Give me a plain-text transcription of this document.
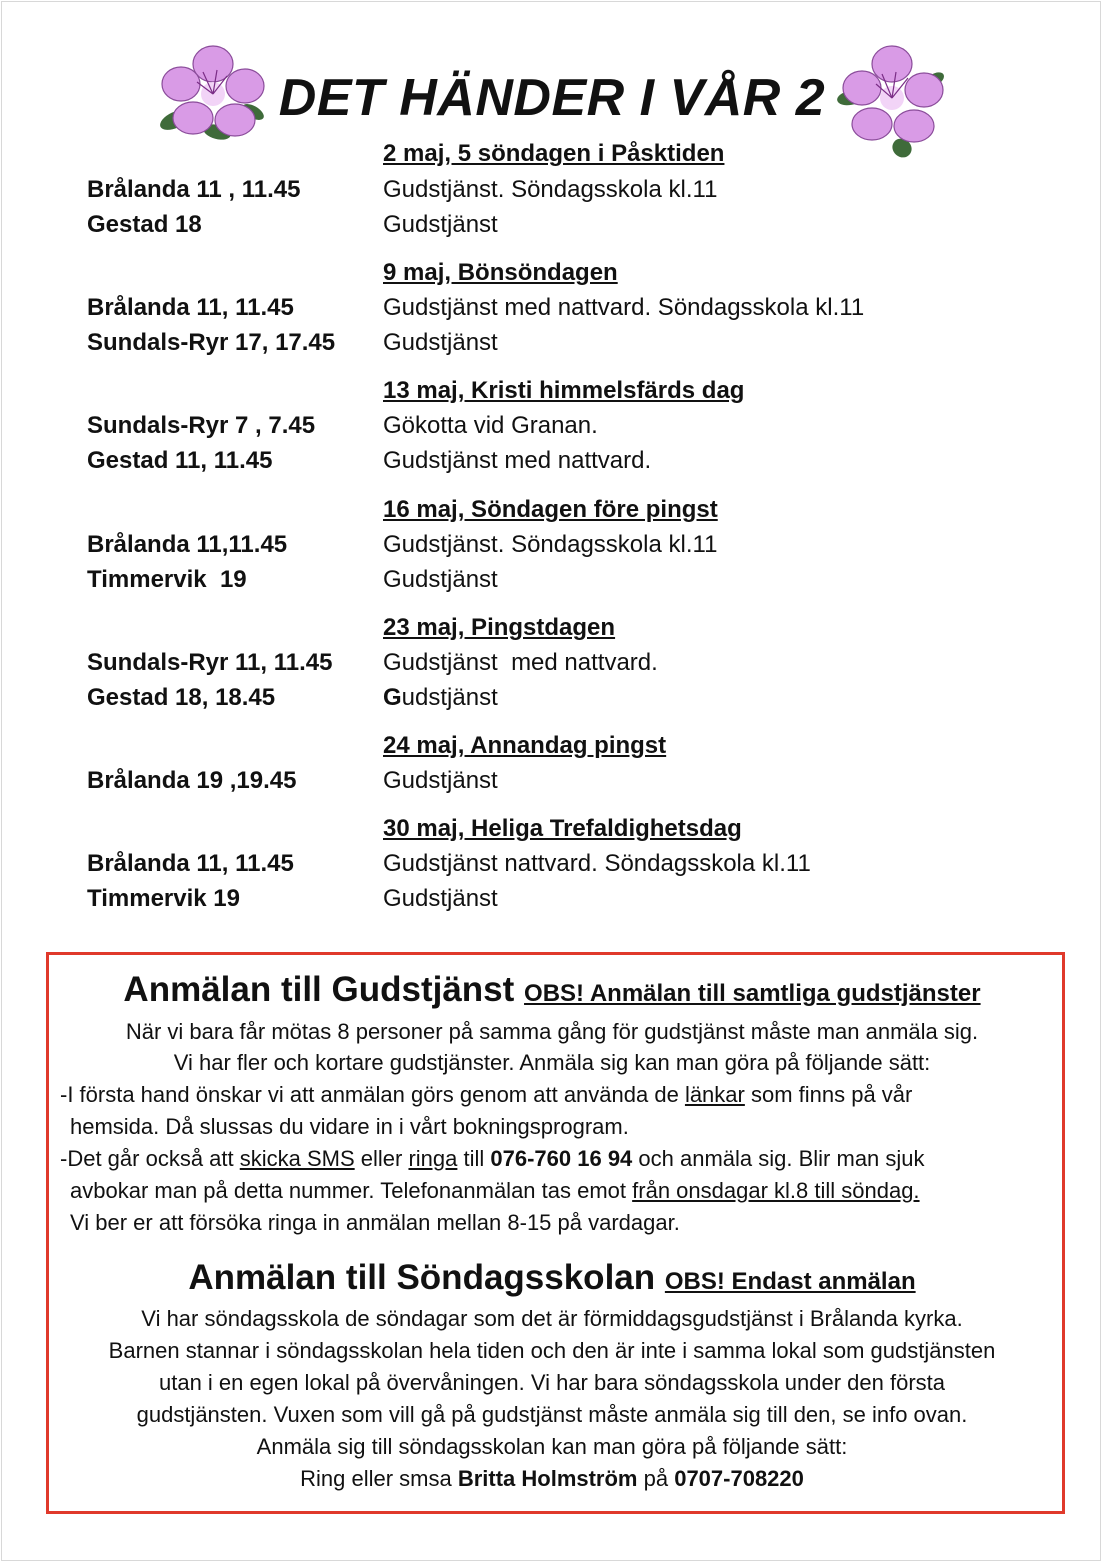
DET HÄNDER I VÅR 2
2 maj, 5 söndagen i Påsktiden
Brålanda 11 , 11.45	Gudstjänst. Söndagsskola kl.11
Gestad 18	Gudstjänst
9 maj, Bönsöndagen
Brålanda 11, 11.45	Gudstjänst med nattvard. Söndagsskola kl.11
Sundals-Ryr 17, 17.45 Gudstjänst
13 maj, Kristi himmelsfärds dag
Sundals-Ryr 7 , 7.45	Gökotta vid Granan.
Gestad 11, 11.45	Gudstjänst med nattvard.
16 maj, Söndagen före pingst
Brålanda 11,11.45	Gudstjänst. Söndagsskola kl.11
Timmervik  19	Gudstjänst
23 maj, Pingstdagen
Sundals-Ryr 11, 11.45 Gudstjänst  med nattvard.
Gestad 18, 18.45	Gudstjänst
24 maj, Annandag pingst
Brålanda 19 ,19.45	Gudstjänst
30 maj, Heliga Trefaldighetsdag
Brålanda 11, 11.45	Gudstjänst nattvard. Söndagsskola kl.11
Timmervik 19	Gudstjänst
Anmälan till Gudstjänst OBS! Anmälan till samtliga gudstjänster
När vi bara får mötas 8 personer på samma gång för gudstjänst måste man anmäla sig.
Vi har fler och kortare gudstjänster. Anmäla sig kan man göra på följande sätt:
-I första hand önskar vi att anmälan görs genom att använda de länkar som finns på vår
hemsida. Då slussas du vidare in i vårt bokningsprogram.
-Det går också att skicka SMS eller ringa till 076-760 16 94 och anmäla sig. Blir man sjuk
avbokar man på detta nummer. Telefonanmälan tas emot från onsdagar kl.8 till söndag.
Vi ber er att försöka ringa in anmälan mellan 8-15 på vardagar.
Anmälan till Söndagsskolan OBS! Endast anmälan
Vi har söndagsskola de söndagar som det är förmiddagsgudstjänst i Brålanda kyrka.
Barnen stannar i söndagsskolan hela tiden och den är inte i samma lokal som gudstjänsten
utan i en egen lokal på övervåningen. Vi har bara söndagsskola under den första
gudstjänsten. Vuxen som vill gå på gudstjänst måste anmäla sig till den, se info ovan.
Anmäla sig till söndagsskolan kan man göra på följande sätt:
Ring eller smsa Britta Holmström på 0707-708220
